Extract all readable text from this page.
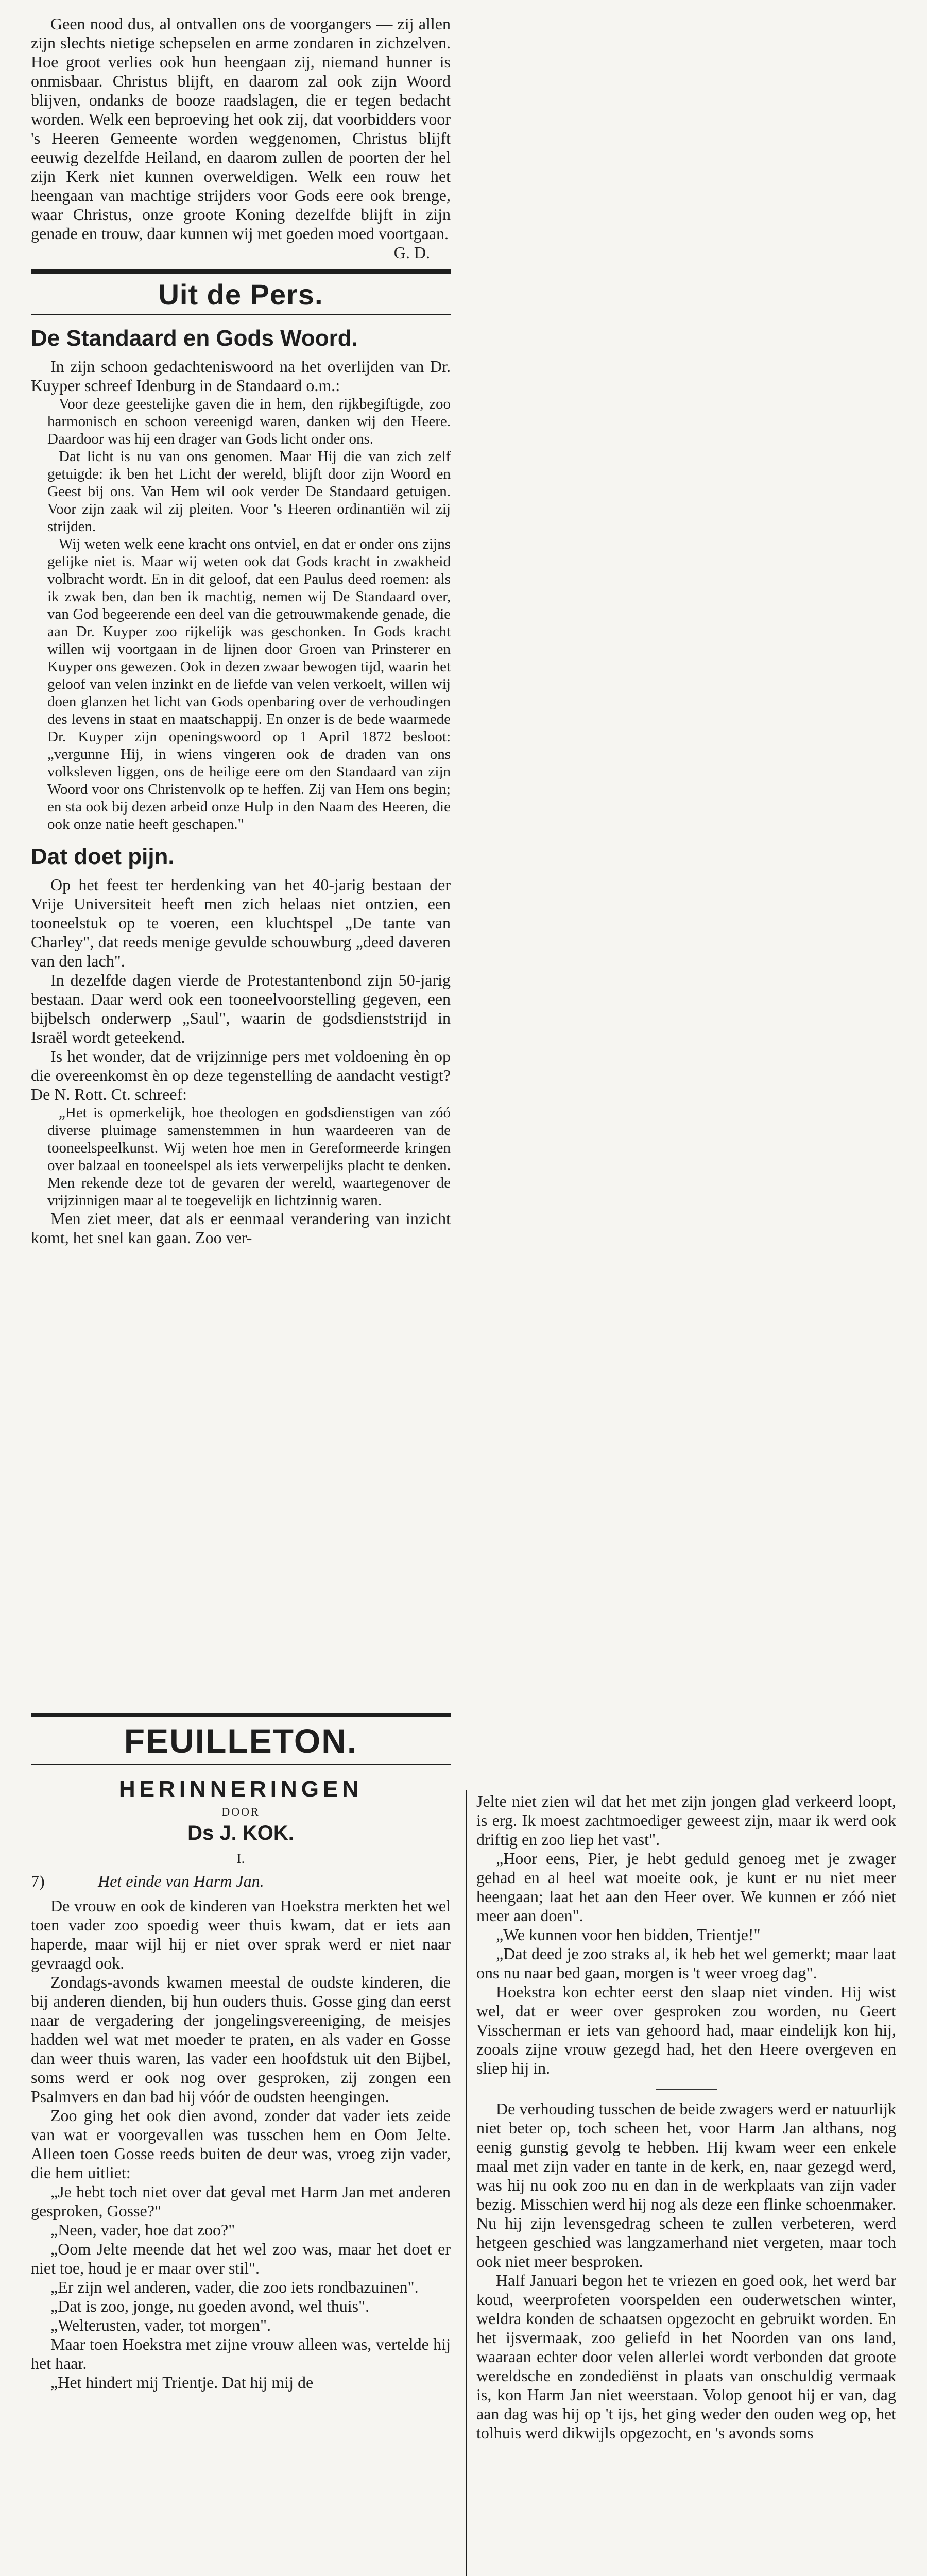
Geen nood dus, al ontvallen ons de voorgangers — zij allen zijn slechts nietige schepselen en arme zondaren in zichzelven. Hoe groot verlies ook hun heengaan zij, niemand hunner is onmisbaar. Christus blijft, en daarom zal ook zijn Woord blijven, ondanks de booze raadslagen, die er tegen bedacht worden. Welk een beproeving het ook zij, dat voorbidders voor 's Heeren Gemeente worden weggenomen, Christus blijft eeuwig dezelfde Heiland, en daarom zullen de poorten der hel zijn Kerk niet kunnen overweldigen. Welk een rouw het heengaan van machtige strijders voor Gods eere ook brenge, waar Christus, onze groote Koning dezelfde blijft in zijn genade en trouw, daar kunnen wij met goeden moed voortgaan.

G. D.

Uit de Pers.
De Standaard en Gods Woord.

In zijn schoon gedachteniswoord na het overlijden van Dr. Kuyper schreef Idenburg in de Standaard o.m.:

Voor deze geestelijke gaven die in hem, den rijkbegiftigde, zoo harmonisch en schoon vereenigd waren, danken wij den Heere. Daardoor was hij een drager van Gods licht onder ons.

Dat licht is nu van ons genomen. Maar Hij die van zich zelf getuigde: ik ben het Licht der wereld, blijft door zijn Woord en Geest bij ons. Van Hem wil ook verder De Standaard getuigen. Voor zijn zaak wil zij pleiten. Voor 's Heeren ordinantiën wil zij strijden.

Wij weten welk eene kracht ons ontviel, en dat er onder ons zijns gelijke niet is. Maar wij weten ook dat Gods kracht in zwakheid volbracht wordt. En in dit geloof, dat een Paulus deed roemen: als ik zwak ben, dan ben ik machtig, nemen wij De Standaard over, van God begeerende een deel van die getrouwmakende genade, die aan Dr. Kuyper zoo rijkelijk was geschonken. In Gods kracht willen wij voortgaan in de lijnen door Groen van Prinsterer en Kuyper ons gewezen. Ook in dezen zwaar bewogen tijd, waarin het geloof van velen inzinkt en de liefde van velen verkoelt, willen wij doen glanzen het licht van Gods openbaring over de verhoudingen des levens in staat en maatschappij. En onzer is de bede waarmede Dr. Kuyper zijn openingswoord op 1 April 1872 besloot: „vergunne Hij, in wiens vingeren ook de draden van ons volksleven liggen, ons de heilige eere om den Standaard van zijn Woord voor ons Christenvolk op te heffen. Zij van Hem ons begin; en sta ook bij dezen arbeid onze Hulp in den Naam des Heeren, die ook onze natie heeft geschapen."

Dat doet pijn.

Op het feest ter herdenking van het 40-jarig bestaan der Vrije Universiteit heeft men zich helaas niet ontzien, een tooneelstuk op te voeren, een kluchtspel „De tante van Charley", dat reeds menige gevulde schouwburg „deed daveren van den lach".

In dezelfde dagen vierde de Protestantenbond zijn 50-jarig bestaan. Daar werd ook een tooneelvoorstelling gegeven, een bijbelsch onderwerp „Saul", waarin de godsdienststrijd in Israël wordt geteekend.

Is het wonder, dat de vrijzinnige pers met voldoening èn op die overeenkomst èn op deze tegenstelling de aandacht vestigt? De N. Rott. Ct. schreef:

„Het is opmerkelijk, hoe theologen en godsdienstigen van zóó diverse pluimage samenstemmen in hun waardeeren van de tooneelspeelkunst. Wij weten hoe men in Gereformeerde kringen over balzaal en tooneelspel als iets verwerpelijks placht te denken. Men rekende deze tot de gevaren der wereld, waartegenover de vrijzinnigen maar al te toegevelijk en lichtzinnig waren.

Men ziet meer, dat als er eenmaal verandering van inzicht komt, het snel kan gaan. Zoo ver-

FEUILLETON.
HERINNERINGEN
DOOR
Ds J. KOK.
I.
7)	Het einde van Harm Jan.

De vrouw en ook de kinderen van Hoekstra merkten het wel toen vader zoo spoedig weer thuis kwam, dat er iets aan haperde, maar wijl hij er niet over sprak werd er niet naar gevraagd ook.

Zondags-avonds kwamen meestal de oudste kinderen, die bij anderen dienden, bij hun ouders thuis. Gosse ging dan eerst naar de vergadering der jongelingsvereeniging, de meisjes hadden wel wat met moeder te praten, en als vader en Gosse dan weer thuis waren, las vader een hoofdstuk uit den Bijbel, soms werd er ook nog over gesproken, zij zongen een Psalmvers en dan bad hij vóór de oudsten heengingen.

Zoo ging het ook dien avond, zonder dat vader iets zeide van wat er voorgevallen was tusschen hem en Oom Jelte. Alleen toen Gosse reeds buiten de deur was, vroeg zijn vader, die hem uitliet:

„Je hebt toch niet over dat geval met Harm Jan met anderen gesproken, Gosse?"

„Neen, vader, hoe dat zoo?"

„Oom Jelte meende dat het wel zoo was, maar het doet er niet toe, houd je er maar over stil".

„Er zijn wel anderen, vader, die zoo iets rondbazuinen".

„Dat is zoo, jonge, nu goeden avond, wel thuis".

„Welterusten, vader, tot morgen".

Maar toen Hoekstra met zijne vrouw alleen was, vertelde hij het haar.

„Het hindert mij Trientje. Dat hij mij de

Jelte niet zien wil dat het met zijn jongen glad verkeerd loopt, is erg. Ik moest zachtmoediger geweest zijn, maar ik werd ook driftig en zoo liep het vast".

„Hoor eens, Pier, je hebt geduld genoeg met je zwager gehad en al heel wat moeite ook, je kunt er nu niet meer heengaan; laat het aan den Heer over. We kunnen er zóó niet meer aan doen".

„We kunnen voor hen bidden, Trientje!"

„Dat deed je zoo straks al, ik heb het wel gemerkt; maar laat ons nu naar bed gaan, morgen is 't weer vroeg dag".

Hoekstra kon echter eerst den slaap niet vinden. Hij wist wel, dat er weer over gesproken zou worden, nu Geert Visscherman er iets van gehoord had, maar eindelijk kon hij, zooals zijne vrouw gezegd had, het den Heere overgeven en sliep hij in.

De verhouding tusschen de beide zwagers werd er natuurlijk niet beter op, toch scheen het, voor Harm Jan althans, nog eenig gunstig gevolg te hebben. Hij kwam weer een enkele maal met zijn vader en tante in de kerk, en, naar gezegd werd, was hij nu ook zoo nu en dan in de werkplaats van zijn vader bezig. Misschien werd hij nog als deze een flinke schoenmaker. Nu hij zijn levensgedrag scheen te zullen verbeteren, werd hetgeen geschied was langzamerhand niet vergeten, maar toch ook niet meer besproken.

Half Januari begon het te vriezen en goed ook, het werd bar koud, weerprofeten voorspelden een ouderwetschen winter, weldra konden de schaatsen opgezocht en gebruikt worden. En het ijsvermaak, zoo geliefd in het Noorden van ons land, waaraan echter door velen allerlei wordt verbonden dat groote wereldsche en zondediënst in plaats van onschuldig vermaak is, kon Harm Jan niet weerstaan. Volop genoot hij er van, dag aan dag was hij op 't ijs, het ging weder den ouden weg op, het tolhuis werd dikwijls opgezocht, en 's avonds soms
